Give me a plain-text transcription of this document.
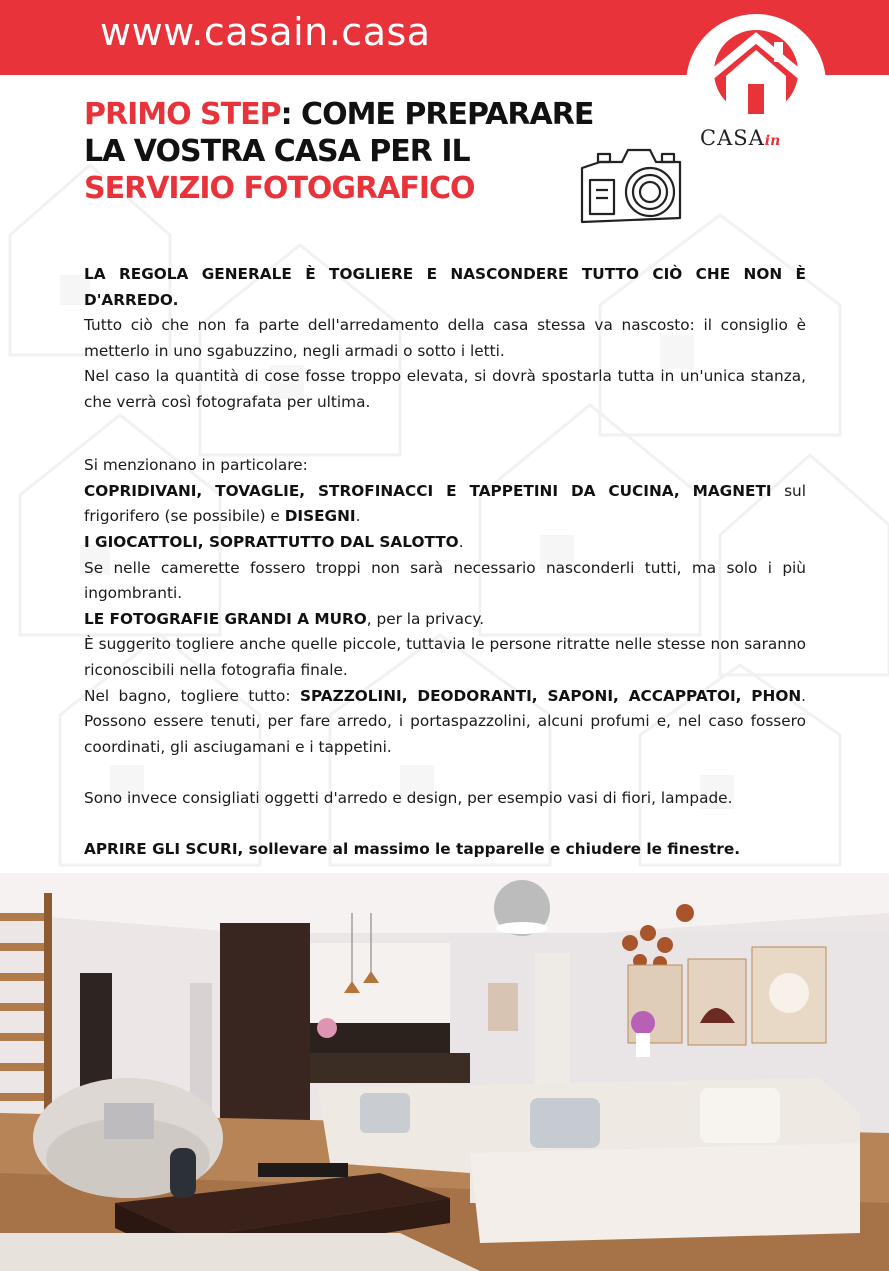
www.casain.casa
CASAin
PRIMO STEP: COME PREPARARE
LA VOSTRA CASA PER IL
SERVIZIO FOTOGRAFICO

LA REGOLA GENERALE È TOGLIERE E NASCONDERE TUTTO CIÒ CHE NON È D'ARREDO.

Tutto ciò che non fa parte dell'arredamento della casa stessa va nascosto: il consiglio è metterlo in uno sgabuzzino, negli armadi o sotto i letti.

Nel caso la quantità di cose fosse troppo elevata, si dovrà spostarla tutta in un'unica stanza, che verrà così fotografata per ultima.

Si menzionano in particolare:

COPRIDIVANI, TOVAGLIE, STROFINACCI E TAPPETINI DA CUCINA, MAGNETI sul frigorifero (se possibile) e DISEGNI.

I GIOCATTOLI, SOPRATTUTTO DAL SALOTTO.

Se nelle camerette fossero troppi non sarà necessario nasconderli tutti, ma solo i più ingombranti.

LE FOTOGRAFIE GRANDI A MURO, per la privacy.

È suggerito togliere anche quelle piccole, tuttavia le persone ritratte nelle stesse non saranno riconoscibili nella fotografia finale.

Nel bagno, togliere tutto: SPAZZOLINI, DEODORANTI, SAPONI, ACCAPPATOI, PHON. Possono essere tenuti, per fare arredo, i portaspazzolini, alcuni profumi e, nel caso fossero coordinati, gli asciugamani e i tappetini.

Sono invece consigliati oggetti d'arredo e design, per esempio vasi di fiori, lampade.

APRIRE GLI SCURI, sollevare al massimo le tapparelle e chiudere le finestre.
